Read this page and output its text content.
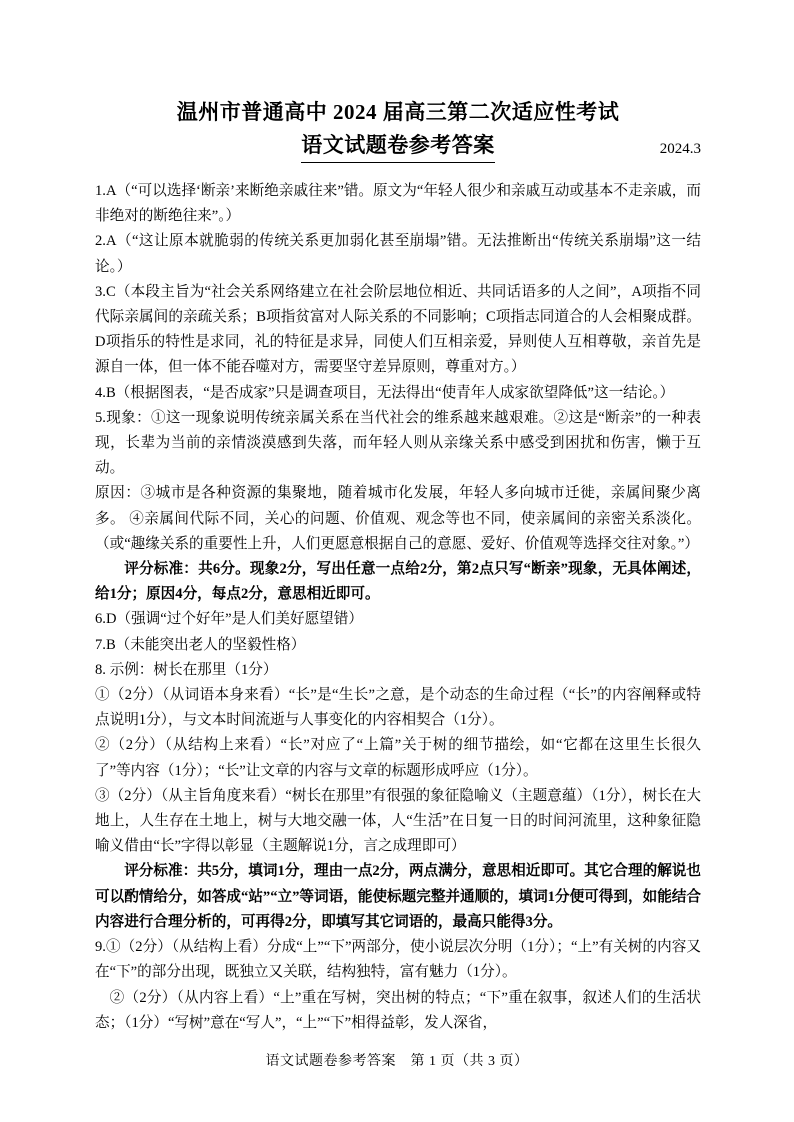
温州市普通高中 2024 届高三第二次适应性考试
语文试题卷参考答案	2024.3

1.A（“可以选择‘断亲’来断绝亲戚往来”错。原文为“年轻人很少和亲戚互动或基本不走亲戚，而非绝对的断绝往来”。）

2.A（“这让原本就脆弱的传统关系更加弱化甚至崩塌”错。无法推断出“传统关系崩塌”这一结论。）

3.C（本段主旨为“社会关系网络建立在社会阶层地位相近、共同话语多的人之间”，A项指不同代际亲属间的亲疏关系；B项指贫富对人际关系的不同影响；C项指志同道合的人会相聚成群。D项指乐的特性是求同，礼的特征是求异，同使人们互相亲爱，异则使人互相尊敬，亲首先是源自一体，但一体不能吞噬对方，需要坚守差异原则，尊重对方。）

4.B（根据图表，“是否成家”只是调查项目，无法得出“使青年人成家欲望降低”这一结论。）

5.现象：①这一现象说明传统亲属关系在当代社会的维系越来越艰难。②这是“断亲”的一种表现，长辈为当前的亲情淡漠感到失落，而年轻人则从亲缘关系中感受到困扰和伤害，懒于互动。

原因：③城市是各种资源的集聚地，随着城市化发展，年轻人多向城市迁徙，亲属间聚少离多。 ④亲属间代际不同，关心的问题、价值观、观念等也不同，使亲属间的亲密关系淡化。（或“趣缘关系的重要性上升，人们更愿意根据自己的意愿、爱好、价值观等选择交往对象。”）

评分标准：共6分。现象2分，写出任意一点给2分，第2点只写“断亲”现象，无具体阐述，给1分；原因4分，每点2分，意思相近即可。

6.D（强调“过个好年”是人们美好愿望错）

7.B（未能突出老人的坚毅性格）

8. 示例：树长在那里（1分）

①（2分）（从词语本身来看）“长”是“生长”之意，是个动态的生命过程（“长”的内容阐释或特点说明1分），与文本时间流逝与人事变化的内容相契合（1分）。

②（2分）（从结构上来看）“长”对应了“上篇”关于树的细节描绘，如“它都在这里生长很久了”等内容（1分）；“长”让文章的内容与文章的标题形成呼应（1分）。

③（2分）（从主旨角度来看）“树长在那里”有很强的象征隐喻义（主题意蕴）（1分），树长在大地上，人生存在土地上，树与大地交融一体，人“生活”在日复一日的时间河流里，这种象征隐喻义借由“长”字得以彰显（主题解说1分，言之成理即可）

评分标准：共5分，填词1分，理由一点2分，两点满分，意思相近即可。其它合理的解说也可以酌情给分，如答成“站”“立”等词语，能使标题完整并通顺的，填词1分便可得到，如能结合内容进行合理分析的，可再得2分，即填写其它词语的，最高只能得3分。

9.①（2分）（从结构上看）分成“上”“下”两部分，使小说层次分明（1分）；“上”有关树的内容又在“下”的部分出现，既独立又关联，结构独特，富有魅力（1分）。

②（2分）（从内容上看）“上”重在写树，突出树的特点；“下”重在叙事，叙述人们的生活状态；（1分）“写树”意在“写人”，“上”“下”相得益彰，发人深省，

语文试题卷参考答案　第 1 页（共 3 页）
